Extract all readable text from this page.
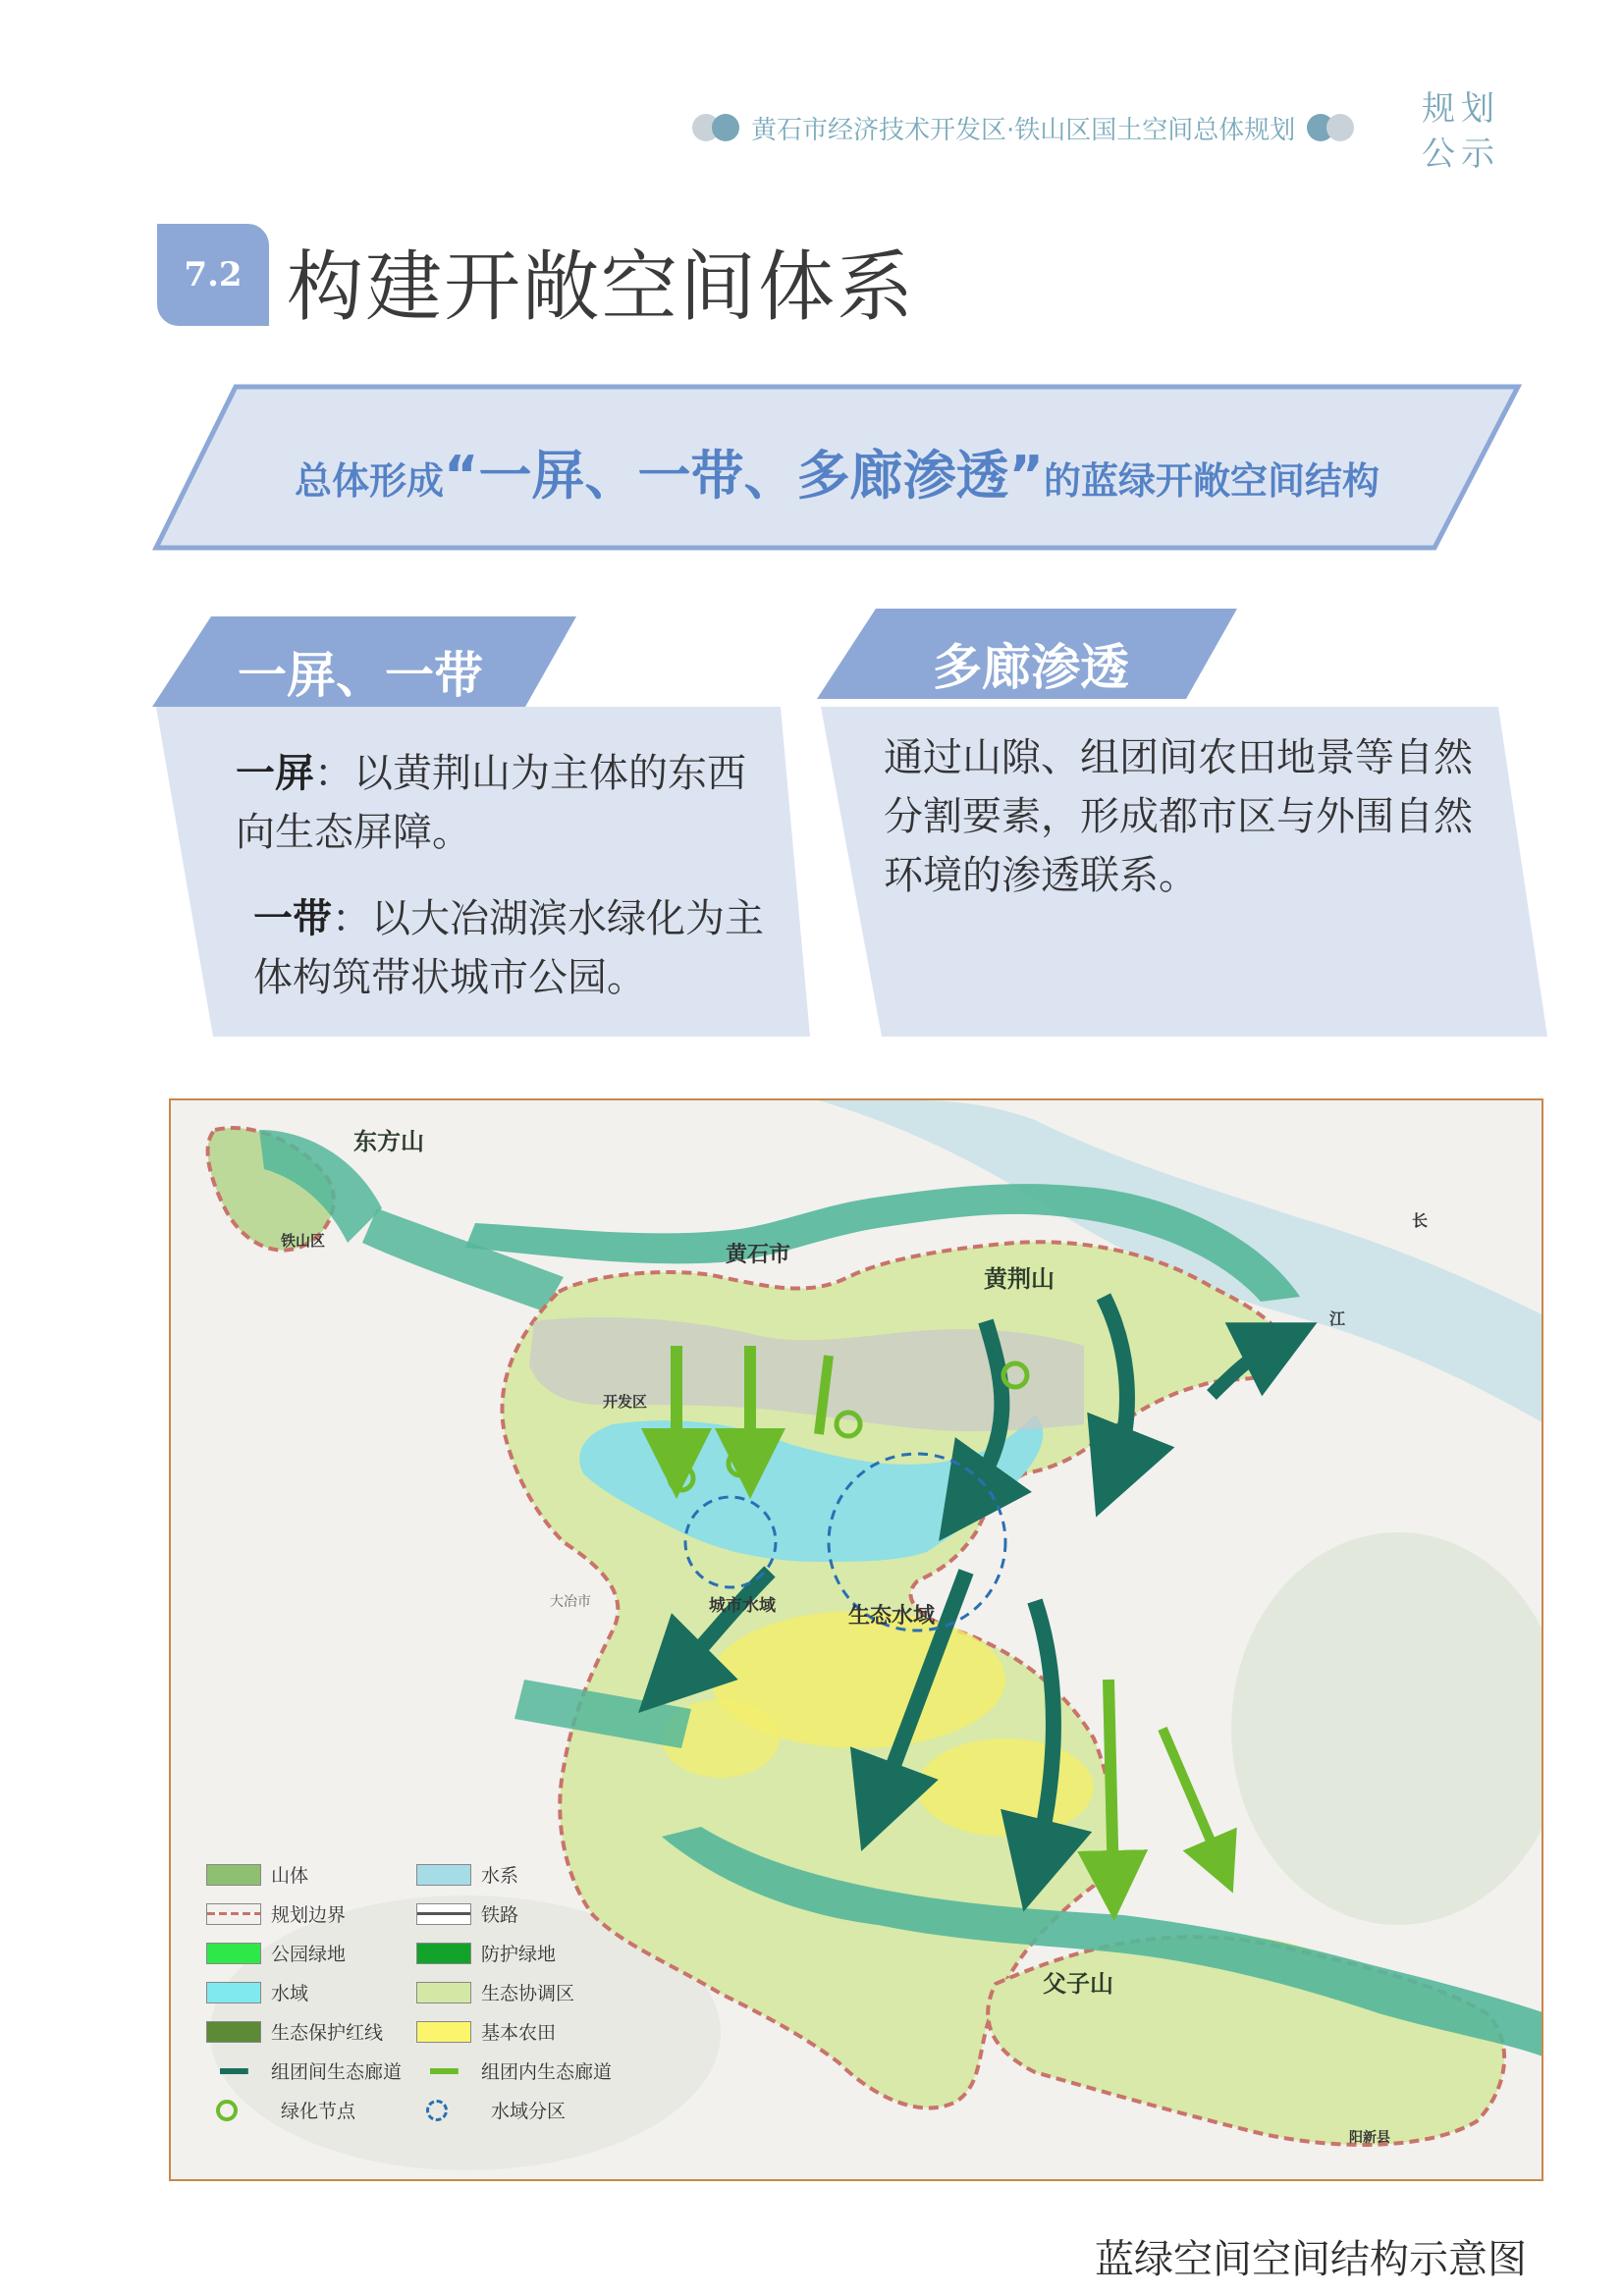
黄石市经济技术开发区·铁山区国土空间总体规划
规划
公示
7.2 构建开敞空间体系
总体形成“一屏、一带、多廊渗透”的蓝绿开敞空间结构
一屏、一带
一屏：以黄荆山为主体的东西向生态屏障。
一带：以大冶湖滨水绿化为主体构筑带状城市公园。
多廊渗透
通过山隙、组团间农田地景等自然分割要素，形成都市区与外围自然环境的渗透联系。
东方山
黄荆山
父子山
黄石市
开发区
铁山区
生态水域
城市水域
大冶市
长
江
阳新县
山体	水系
规划边界	铁路
公园绿地	防护绿地
水域	生态协调区
生态保护红线	基本农田
组团间生态廊道	组团内生态廊道
绿化节点	水域分区
蓝绿空间空间结构示意图
